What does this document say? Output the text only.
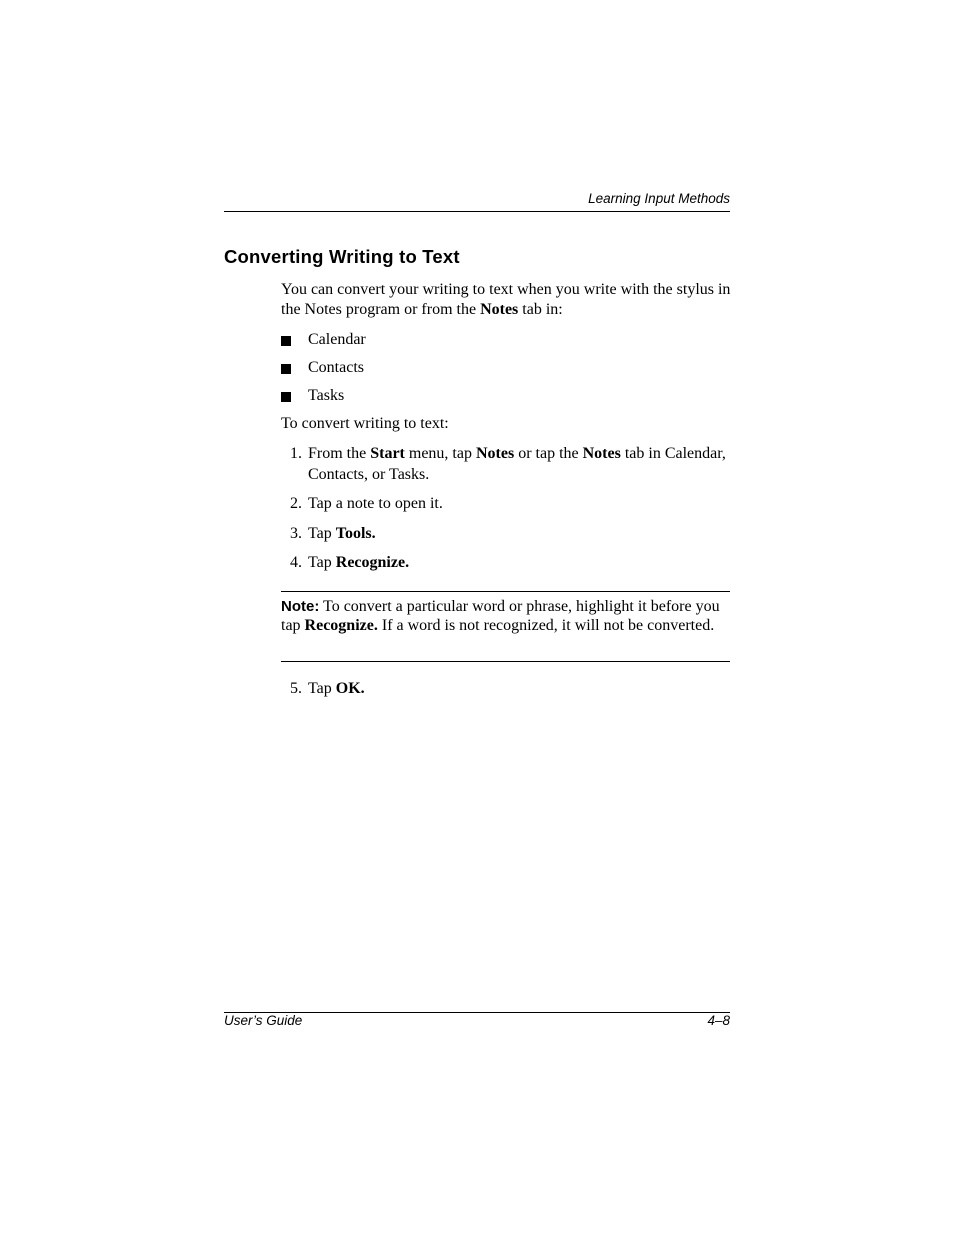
Learning Input Methods
Converting Writing to Text
You can convert your writing to text when you write with the stylus in the Notes program or from the Notes tab in:
Calendar
Contacts
Tasks
To convert writing to text:
1. From the Start menu, tap Notes or tap the Notes tab in Calendar, Contacts, or Tasks.
2. Tap a note to open it.
3. Tap Tools.
4. Tap Recognize.
Note: To convert a particular word or phrase, highlight it before you tap Recognize. If a word is not recognized, it will not be converted.
5. Tap OK.
User’s Guide	4–8
